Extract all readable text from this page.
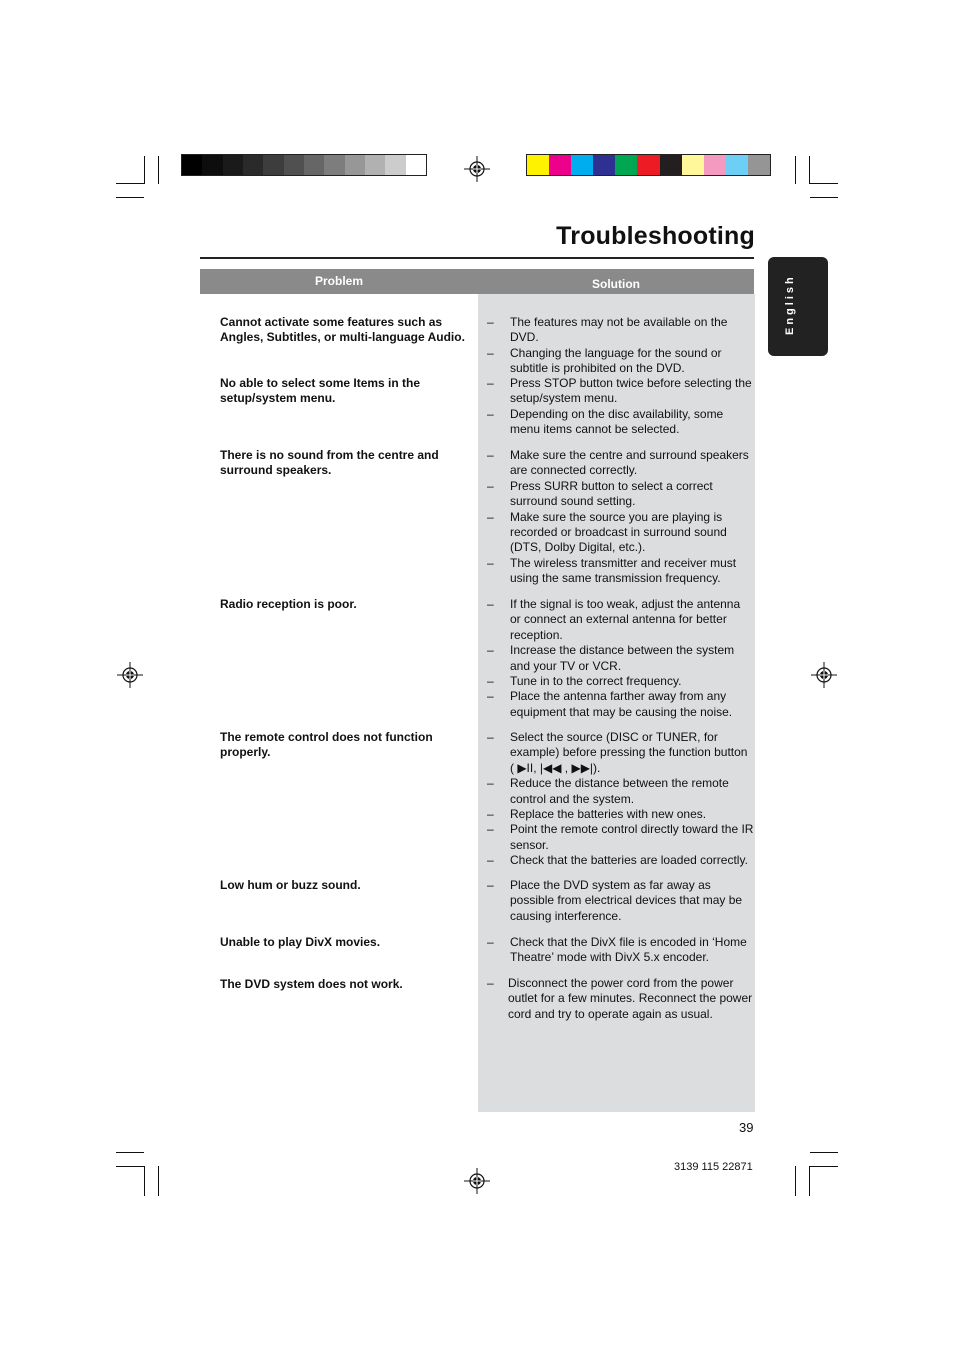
Troubleshooting
English
Problem	Solution
Cannot activate some features such as Angles, Subtitles, or multi-language Audio.
–	The features may not be available on the DVD.
–	Changing the language for the sound or subtitle is prohibited on the DVD.
No able to select some Items in the setup/system menu.
–	Press STOP button twice before selecting the setup/system menu.
–	Depending on the disc availability, some menu items cannot be selected.
There is no sound from the centre and surround speakers.
–	Make sure the centre and surround speakers are connected correctly.
–	Press SURR button to select a correct surround sound setting.
–	Make sure the source you are playing is recorded or broadcast in surround sound (DTS, Dolby Digital, etc.).
–	The wireless transmitter and receiver must using the same transmission frequency.
Radio reception is poor.	–	If the signal is too weak, adjust the antenna or connect an external antenna for better reception.
–	Increase the distance between the system and your TV or VCR.
–	Tune in to the correct frequency.
–	Place the antenna farther away from any equipment that may be causing the noise.
The remote control does not function properly.
–	Select the source (DISC or TUNER, for example) before pressing the function button ( ▶II, |◀◀ , ▶▶|).
–	Reduce the distance between the remote control and the system.
–	Replace the batteries with new ones.
–	Point the remote control directly toward the IR sensor.
–	Check that the batteries are loaded correctly.
Low hum or buzz sound.	–	Place the DVD system as far away as possible from electrical devices that may be causing interference.
Unable to play DivX movies.	–	Check that the DivX file is encoded in ‘Home Theatre’ mode with DivX 5.x encoder.
The DVD system does not work.	–	Disconnect the power cord from the power outlet for a few minutes. Reconnect the power cord and try to operate again as usual.
39
3139 115 22871
